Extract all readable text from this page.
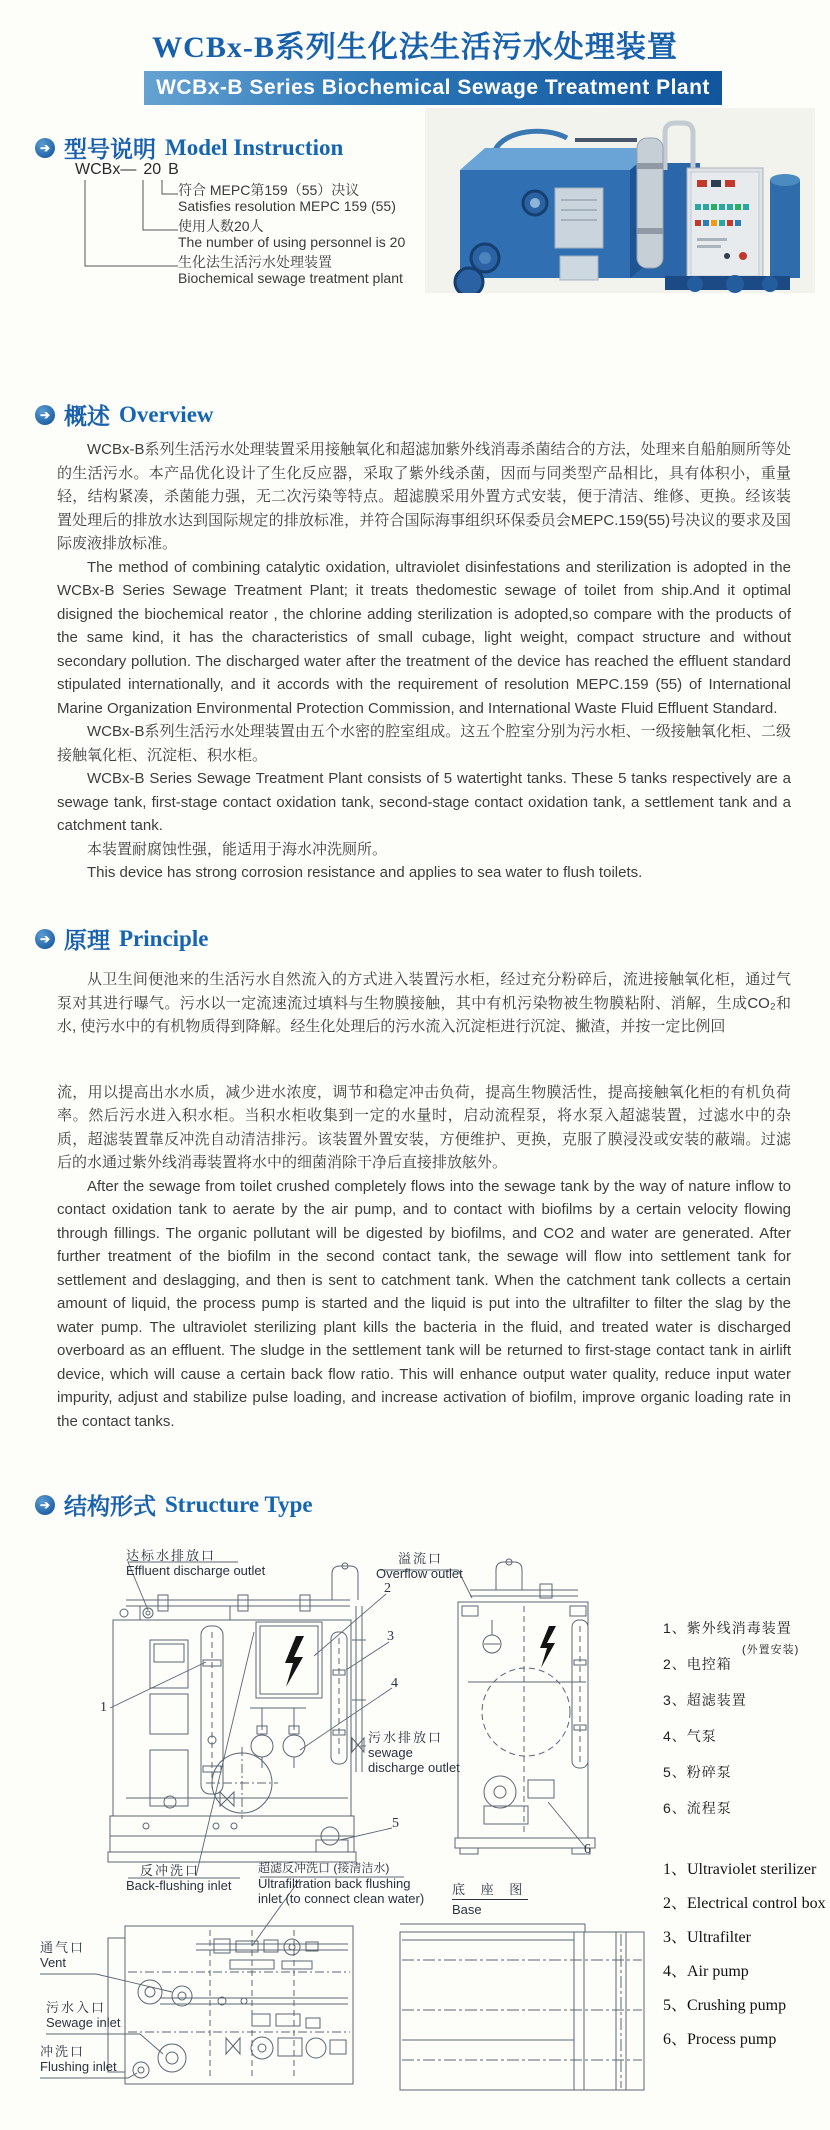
WCBx-B系列生化法生活污水处理装置
WCBx-B Series Biochemical Sewage Treatment Plant
➔ 型号说明 Model Instruction
WCBx— 20 B
符合 MEPC第159（55）决议
Satisfies resolution MEPC 159 (55)
使用人数20人
The number of using personnel is 20
生化法生活污水处理装置
Biochemical sewage treatment plant
➔ 概述 Overview

WCBx-B系列生活污水处理装置采用接触氧化和超滤加紫外线消毒杀菌结合的方法，处理来自船舶厕所等处的生活污水。本产品优化设计了生化反应器，采取了紫外线杀菌，因而与同类型产品相比，具有体积小，重量轻，结构紧凑，杀菌能力强，无二次污染等特点。超滤膜采用外置方式安装，便于清洁、维修、更换。经该装置处理后的排放水达到国际规定的排放标准，并符合国际海事组织环保委员会MEPC.159(55)号决议的要求及国际废液排放标准。

The method of combining catalytic oxidation, ultraviolet disinfestations and sterilization is adopted in the WCBx-B Series Sewage Treatment Plant; it treats thedomestic sewage of toilet from ship.And it optimal disigned the biochemical reator , the chlorine adding sterilization is adopted,so compare with the products of the same kind, it has the characteristics of small cubage, light weight, compact structure and without secondary pollution. The discharged water after the treatment of the device has reached the effluent standard stipulated internationally, and it accords with the requirement of resolution MEPC.159 (55) of International Marine Organization Environmental Protection Commission, and International Waste Fluid Effluent Standard.

WCBx-B系列生活污水处理装置由五个水密的腔室组成。这五个腔室分别为污水柜、一级接触氧化柜、二级接触氧化柜、沉淀柜、积水柜。

WCBx-B Series Sewage Treatment Plant consists of 5 watertight tanks. These 5 tanks respectively are a sewage tank, first-stage contact oxidation tank, second-stage contact oxidation tank, a settlement tank and a catchment tank.

本装置耐腐蚀性强，能适用于海水冲洗厕所。

This device has strong corrosion resistance and applies to sea water to flush toilets.

➔ 原理 Principle

从卫生间便池来的生活污水自然流入的方式进入装置污水柜，经过充分粉碎后，流进接触氧化柜，通过气泵对其进行曝气。污水以一定流速流过填料与生物膜接触，其中有机污染物被生物膜粘附、消解，生成CO₂和水, 使污水中的有机物质得到降解。经生化处理后的污水流入沉淀柜进行沉淀、撇渣，并按一定比例回

流，用以提高出水水质，减少进水浓度，调节和稳定冲击负荷，提高生物膜活性，提高接触氧化柜的有机负荷率。然后污水进入积水柜。当积水柜收集到一定的水量时，启动流程泵，将水泵入超滤装置，过滤水中的杂质，超滤装置靠反冲洗自动清洁排污。该装置外置安装，方便维护、更换，克服了膜浸没或安装的蔽端。过滤后的水通过紫外线消毒装置将水中的细菌消除干净后直接排放舷外。

After the sewage from toilet crushed completely flows into the sewage tank by the way of nature inflow to contact oxidation tank to aerate by the air pump, and to contact with biofilms by a certain velocity flowing through fillings. The organic pollutant will be digested by biofilms, and CO2 and water are generated. After further treatment of the biofilm in the second contact tank, the sewage will flow into settlement tank for settlement and deslagging, and then is sent to catchment tank. When the catchment tank collects a certain amount of liquid, the process pump is started and the liquid is put into the ultrafilter to filter the slag by the water pump. The ultraviolet sterilizing plant kills the bacteria in the fluid, and treated water is discharged overboard as an effluent. The sludge in the settlement tank will be returned to first-stage contact tank in airlift device, which will cause a certain back flow ratio. This will enhance output water quality, reduce input water impurity, adjust and stabilize pulse loading, and increase activation of biofilm, improve organic loading rate in the contact tanks.

➔ 结构形式 Structure Type
达标水排放口
Effluent discharge outlet
溢流口
Overflow outlet
污水排放口
sewage discharge outlet
反冲洗口
Back-flushing inlet
超滤反冲洗口 (接清洁水)
Ultrafiltration back flushing inlet (to connect clean water)
底 座 图
Base
通气口
Vent
污水入口
Sewage inlet
冲洗口
Flushing inlet
1
2
3
4
5
6
1、紫外线消毒装置
2、电控箱
3、超滤装置
4、气泵
5、粉碎泵
6、流程泵
(外置安装)
1、Ultraviolet sterilizer
2、Electrical control box
3、Ultrafilter
4、Air pump
5、Crushing pump
6、Process pump
